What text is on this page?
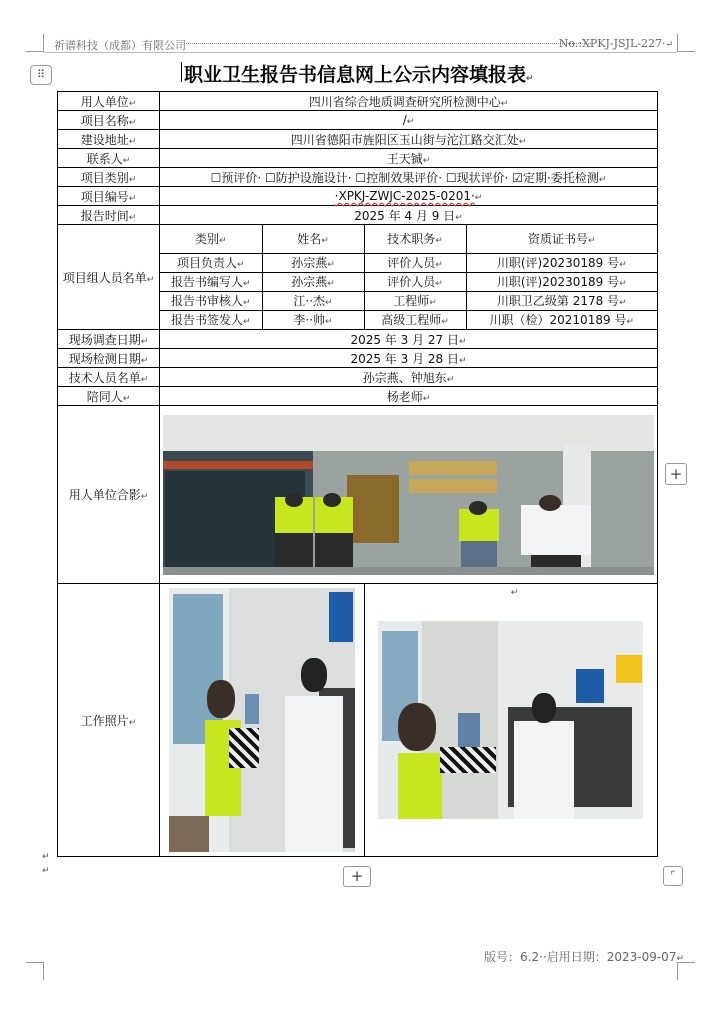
祈谱科技（成都）有限公司	No.:XPKJ-JSJL-227·↵
⠿	职业卫生报告书信息网上公示内容填报表↵
用人单位↵	四川省综合地质调查研究所检测中心↵
项目名称↵	/↵
建设地址↵	四川省德阳市旌阳区玉山街与沱江路交汇处↵
联系人↵	王天铖↵
项目类别↵	☐预评价· ☐防护设施设计· ☐控制效果评价· ☐现状评价· ☑定期·委托检测↵
项目编号↵	·XPKJ-ZWJC-2025-0201·↵
报告时间↵	2025 年 4 月 9 日↵
项目组人员名单↵	
类别↵	姓名↵	技术职务↵	资质证书号↵
项目负责人↵	孙宗燕↵	评价人员↵	川职(评)20230189 号↵
报告书编写人↵	孙宗燕↵	评价人员↵	川职(评)20230189 号↵
报告书审核人↵	江··杰↵	工程师↵	川职卫乙级第 2178 号↵
报告书签发人↵	李··帅↵	高级工程师↵	川职（检）20210189 号↵

现场调查日期↵	2025 年 3 月 27 日↵
现场检测日期↵	2025 年 3 月 28 日↵
技术人员名单↵	孙宗燕、钟旭东↵
陪同人↵	杨老师↵
用人单位合影↵	

工作照片↵	

↵
+
↵
↵	+	⌜
版号：6.2··启用日期：2023-09-07↵
